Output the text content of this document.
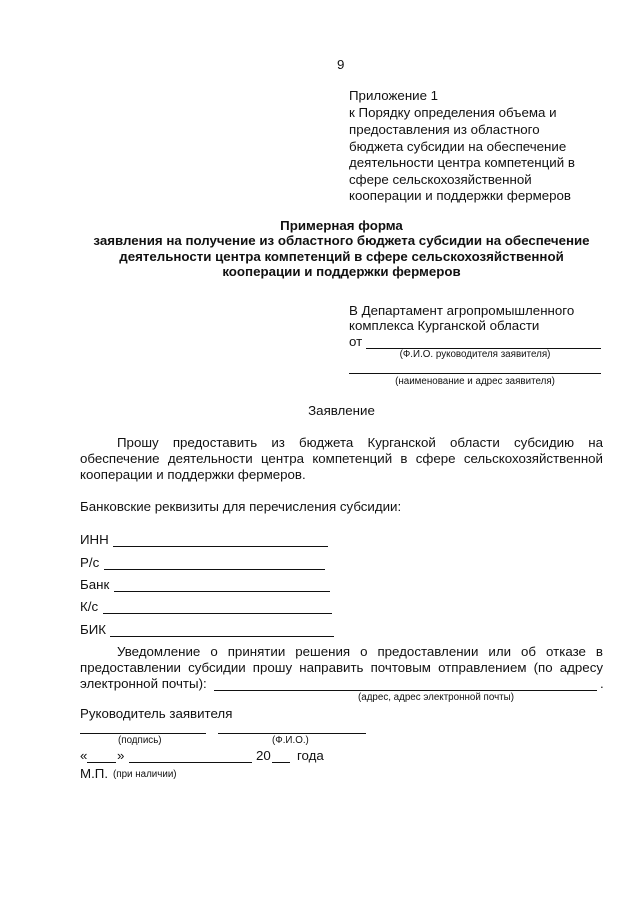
9
Приложение 1
к Порядку определения объема и
предоставления из областного
бюджета субсидии на обеспечение
деятельности центра компетенций в
сфере сельскохозяйственной
кооперации и поддержки фермеров
Примерная форма
заявления на получение из областного бюджета субсидии на обеспечение
деятельности центра компетенций в сфере сельскохозяйственной
кооперации и поддержки фермеров
В Департамент агропромышленного
комплекса Курганской области
от
(Ф.И.О. руководителя заявителя)
(наименование и адрес заявителя)
Заявление
Прошу предоставить из бюджета Курганской области субсидию на
обеспечение деятельности центра компетенций в сфере сельскохозяйственной
кооперации и поддержки фермеров.
Банковские реквизиты для перечисления субсидии:
ИНН
Р/с
Банк
К/с
БИК
Уведомление о принятии решения о предоставлении или об отказе в
предоставлении субсидии прошу направить почтовым отправлением (по адресу
электронной почты):	.
(адрес, адрес электронной почты)
Руководитель заявителя
(подпись)	(Ф.И.О.)
« »	20 года
М.П. (при наличии)
